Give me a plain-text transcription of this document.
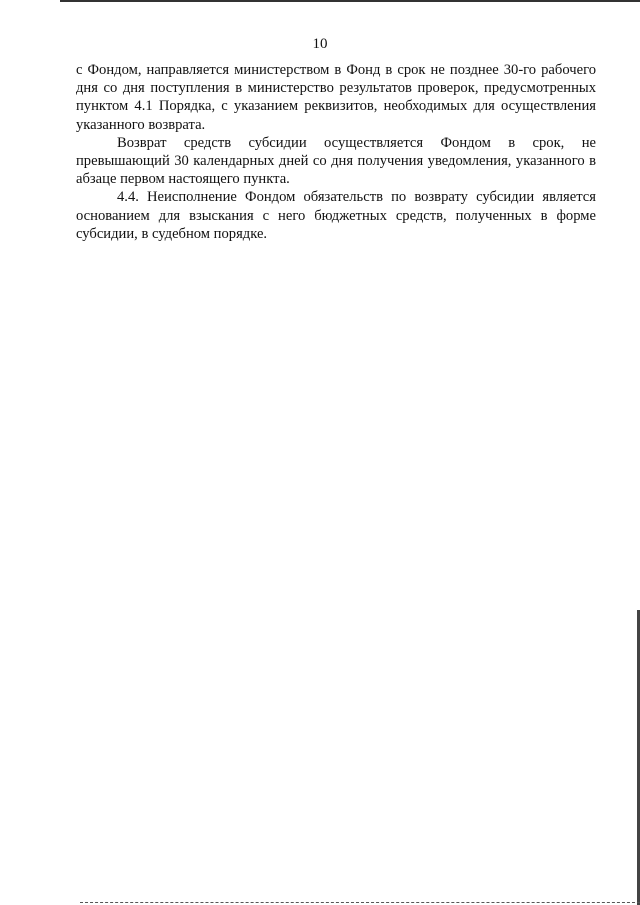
10

с Фондом, направляется министерством в Фонд в срок не позднее 30-го рабочего дня со дня поступления в министерство результатов проверок, предусмотренных пунктом 4.1 Порядка, с указанием реквизитов, необходимых для осуществления указанного возврата.

Возврат средств субсидии осуществляется Фондом в срок, не превышающий 30 календарных дней со дня получения уведомления, указанного в абзаце первом настоящего пункта.

4.4. Неисполнение Фондом обязательств по возврату субсидии является основанием для взыскания с него бюджетных средств, полученных в форме субсидии, в судебном порядке.
